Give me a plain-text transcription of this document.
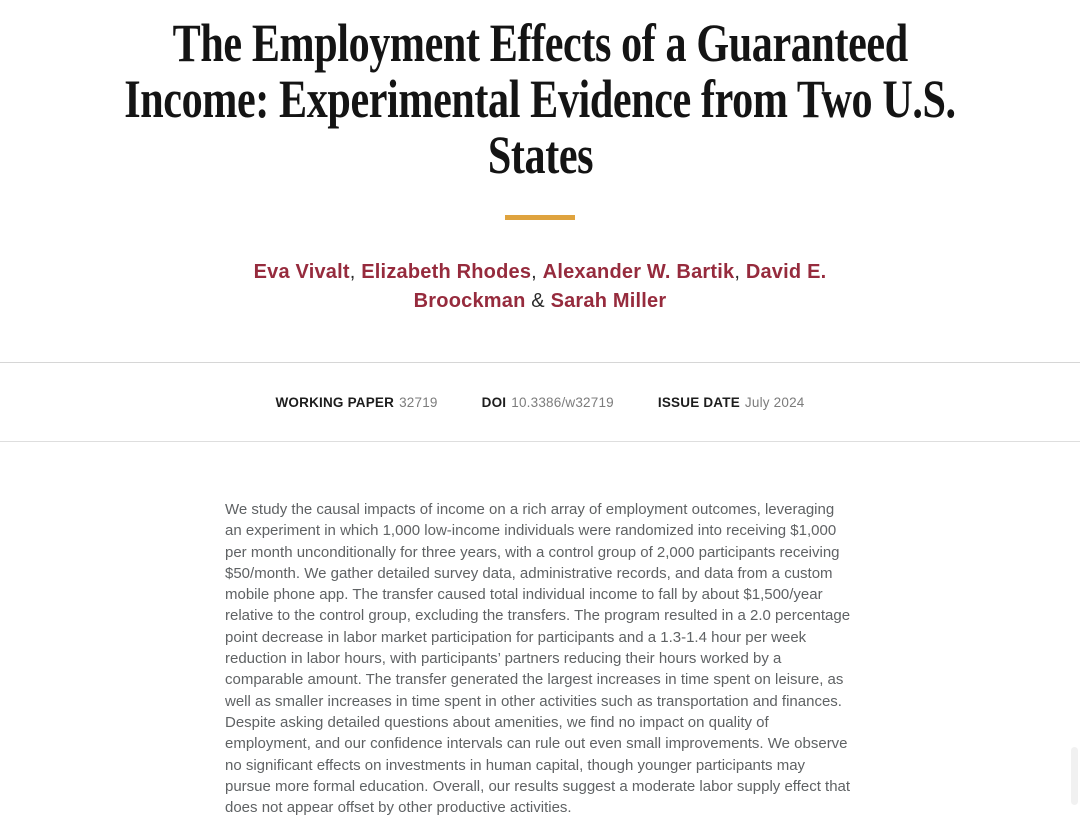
The Employment Effects of a Guaranteed
Income: Experimental Evidence from Two U.S.
States
Eva Vivalt, Elizabeth Rhodes, Alexander W. Bartik, David E. Broockman & Sarah Miller
WORKING PAPER 32719	DOI 10.3386/w32719	ISSUE DATE July 2024

We study the causal impacts of income on a rich array of employment outcomes, leveraging an experiment in which 1,000 low-income individuals were randomized into receiving $1,000 per month unconditionally for three years, with a control group of 2,000 participants receiving $50/month. We gather detailed survey data, administrative records, and data from a custom mobile phone app. The transfer caused total individual income to fall by about $1,500/year relative to the control group, excluding the transfers. The program resulted in a 2.0 percentage point decrease in labor market participation for participants and a 1.3-1.4 hour per week reduction in labor hours, with participants’ partners reducing their hours worked by a comparable amount. The transfer generated the largest increases in time spent on leisure, as well as smaller increases in time spent in other activities such as transportation and finances. Despite asking detailed questions about amenities, we find no impact on quality of employment, and our confidence intervals can rule out even small improvements. We observe no significant effects on investments in human capital, though younger participants may pursue more formal education. Overall, our results suggest a moderate labor supply effect that does not appear offset by other productive activities.
